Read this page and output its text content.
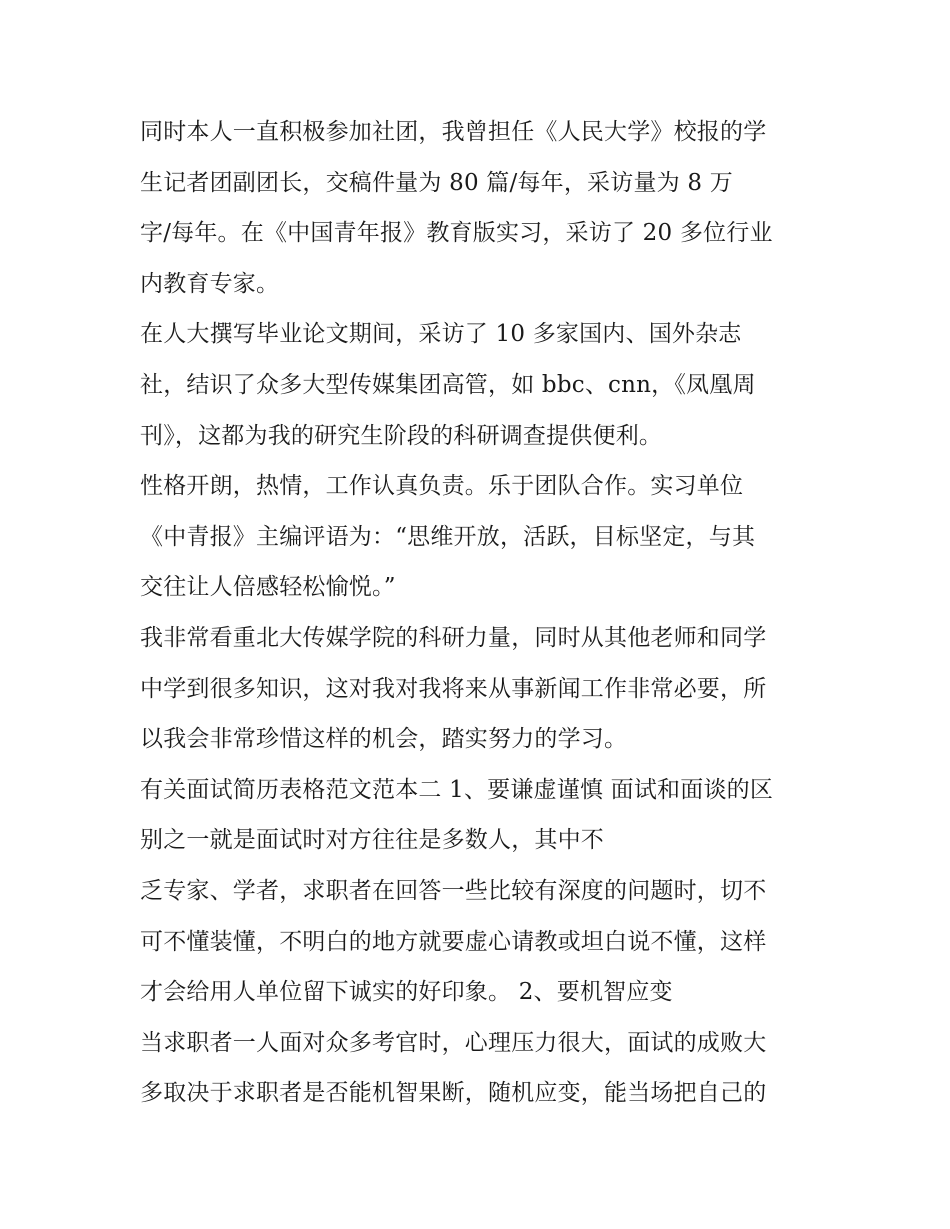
同时本人一直积极参加社团，我曾担任《人民大学》校报的学
生记者团副团长，交稿件量为 80 篇/每年，采访量为 8 万
字/每年。在《中国青年报》教育版实习，采访了 20 多位行业
内教育专家。
在人大撰写毕业论文期间，采访了 10 多家国内、国外杂志
社，结识了众多大型传媒集团高管，如 bbc、cnn，《凤凰周
刊》，这都为我的研究生阶段的科研调查提供便利。
性格开朗，热情，工作认真负责。乐于团队合作。实习单位
《中青报》主编评语为：“思维开放，活跃，目标坚定，与其
交往让人倍感轻松愉悦。”
我非常看重北大传媒学院的科研力量，同时从其他老师和同学
中学到很多知识，这对我对我将来从事新闻工作非常必要，所
以我会非常珍惜这样的机会，踏实努力的学习。
有关面试简历表格范文范本二 1、要谦虚谨慎 面试和面谈的区
别之一就是面试时对方往往是多数人，其中不
乏专家、学者，求职者在回答一些比较有深度的问题时，切不
可不懂装懂，不明白的地方就要虚心请教或坦白说不懂，这样
才会给用人单位留下诚实的好印象。 2、要机智应变
当求职者一人面对众多考官时，心理压力很大，面试的成败大
多取决于求职者是否能机智果断，随机应变，能当场把自己的
